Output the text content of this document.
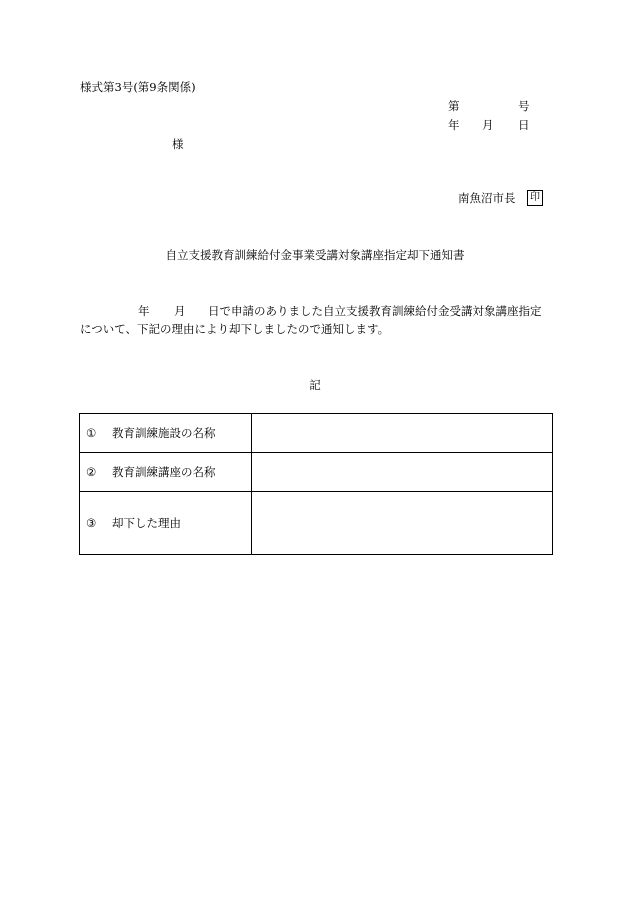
様式第3号(第9条関係)
第	号
年 月 日
様
南魚沼市長	印
自立支援教育訓練給付金事業受講対象講座指定却下通知書
年 月 日で申請のありました自立支援教育訓練給付金受講対象講座指定
について、下記の理由により却下しましたので通知します。
記
① 教育訓練施設の名称	
② 教育訓練講座の名称	
③ 却下した理由	
